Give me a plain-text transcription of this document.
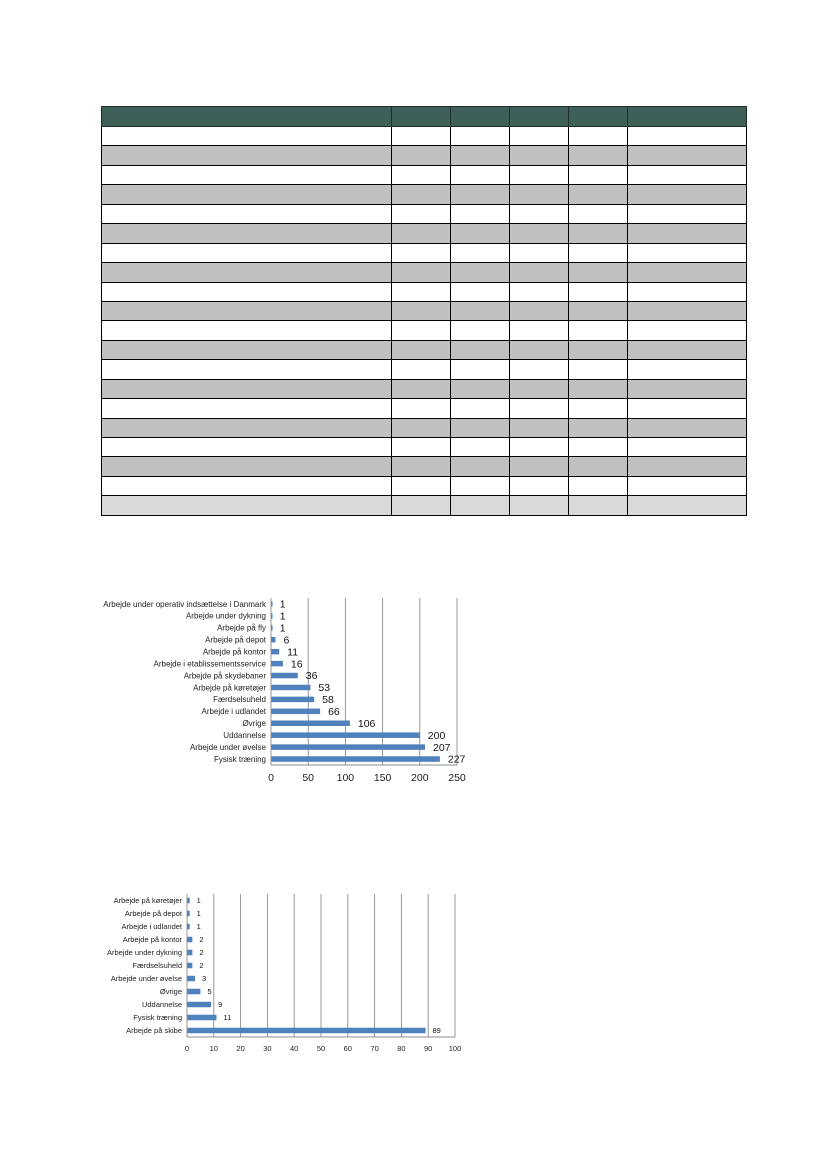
Arbejde under operativ indsættelse i Danmark 1
Arbejde under dykning 1
Arbejde på fly 1
Arbejde på depot 6
Arbejde på kontor 11
Arbejde i etablissementsservice 16
Arbejde på skydebaner	36
Arbejde på køretøjer	53
Færdselsuheld	58
Arbejde i udlandet	66
Øvrige	106
Uddannelse	200
Arbejde under øvelse	207
Fysisk træning	227
0	50 100 150 200 250
Arbejde på køretøjer 1
Arbejde på depot 1
Arbejde i udlandet 1
Arbejde på kontor 2
Arbejde under dykning 2
Færdselsuheld 2
Arbejde under øvelse	3
Øvrige	5
Uddannelse	9
Fysisk træning	11
Arbejde på skibe	89
0	10 20 30 40 50 60 70 80 90 100
